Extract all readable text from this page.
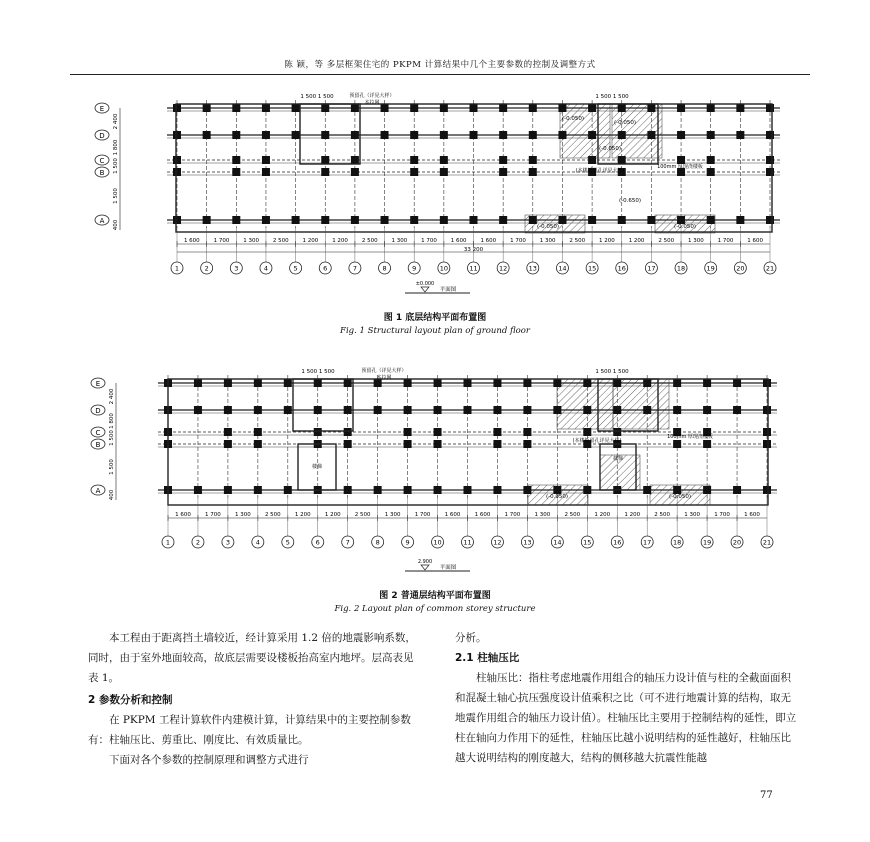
陈 颖，等 多层框架住宅的 PKPM 计算结果中几个主要参数的控制及调整方式
E
D
C
B
A
2 400
1 800
1 500
1 500
400
1 600	1 700	1 300	2 500	1 200	1 200	2 500	1 300	1 700	1 600	1 600	1 700	1 300	2 500	1 200	1 200	2 500	1 300	1 700	1 600
33 200
1	2	3	4	5	6	7	8	9	10	11	12	13	14	15	16	17	18	19	20	21
1 500 1 500	1 500 1 500
预留孔（详见大样）
本拉网
(本楼板留孔详见大样)
100mm 厚现浇楼板
(-0.050)
(-0.050)
(-0.050)
(-0.650)
(-0.050)	(-0.050)
±0.000
平面图
图 1 底层结构平面布置图
Fig. 1 Structural layout plan of ground floor
E
D
C
B
A
2 400
1 800
1 500
1 500
400
1 600	1 700	1 300	2 500	1 200	1 200	2 500	1 300	1 700	1 600	1 600	1 700	1 300	2 500	1 200	1 200	2 500	1 300	1 700	1 600
1	2	3	4	5	6	7	8	9	10	11	12	13	14	15	16	17	18	19	20	21
1 500 1 500	1 500 1 500
预留孔（详见大样）
本拉网
(本楼板留孔详见大样)
100mm 厚现浇楼板
楼梯
楼梯
(-0.050)	(-0.050)
2.900
平面图
图 2 普通层结构平面布置图
Fig. 2 Layout plan of common storey structure

本工程由于距离挡土墙较近，经计算采用 1.2 倍的地震影响系数，同时，由于室外地面较高，故底层需要设楼板抬高室内地坪。层高表见表 1。

2 参数分析和控制

在 PKPM 工程计算软件内建模计算，计算结果中的主要控制参数有：柱轴压比、剪重比、刚度比、有效质量比。

下面对各个参数的控制原理和调整方式进行

分析。

2.1 柱轴压比

柱轴压比：指柱考虑地震作用组合的轴压力设计值与柱的全截面面积和混凝土轴心抗压强度设计值乘积之比（可不进行地震计算的结构，取无地震作用组合的轴压力设计值）。柱轴压比主要用于控制结构的延性，即立柱在轴向力作用下的延性，柱轴压比越小说明结构的延性越好，柱轴压比越大说明结构的刚度越大，结构的侧移越大抗震性能越

77
